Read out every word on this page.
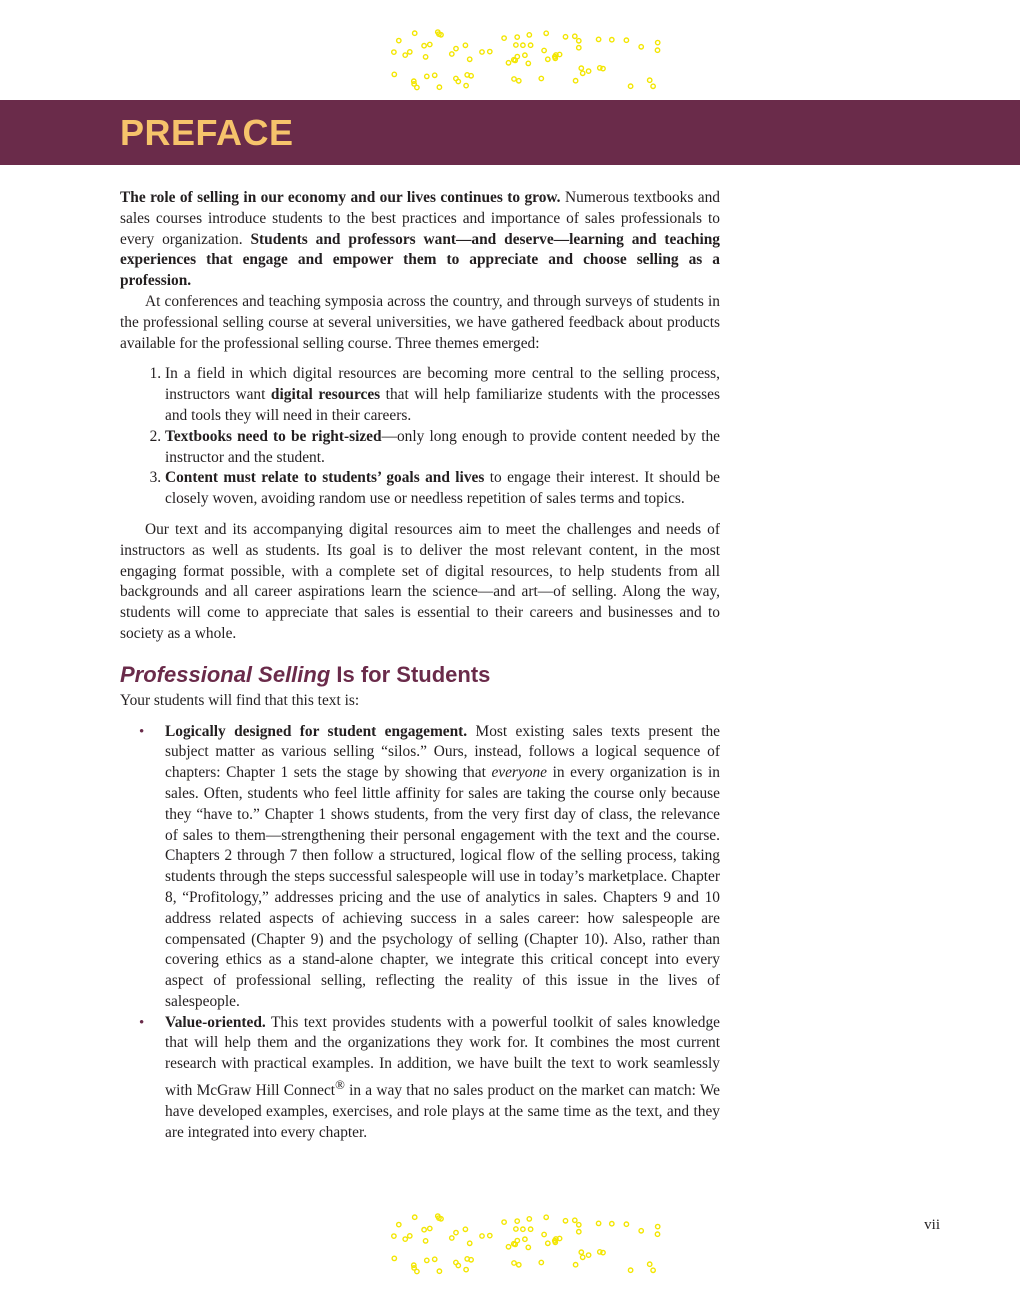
PREFACE

The role of selling in our economy and our lives continues to grow. Numerous textbooks and sales courses introduce students to the best practices and importance of sales professionals to every organization. Students and professors want—and deserve—learning and teaching experiences that engage and empower them to appreciate and choose selling as a profession.

At conferences and teaching symposia across the country, and through surveys of students in the professional selling course at several universities, we have gathered feedback about products available for the professional selling course. Three themes emerged:

1. In a field in which digital resources are becoming more central to the selling process, instructors want digital resources that will help familiarize students with the processes and tools they will need in their careers.
2. Textbooks need to be right-sized—only long enough to provide content needed by the instructor and the student.
3. Content must relate to students’ goals and lives to engage their interest. It should be closely woven, avoiding random use or needless repetition of sales terms and topics.

Our text and its accompanying digital resources aim to meet the challenges and needs of instructors as well as students. Its goal is to deliver the most relevant content, in the most engaging format possible, with a complete set of digital resources, to help students from all backgrounds and all career aspirations learn the science—and art—of selling. Along the way, students will come to appreciate that sales is essential to their careers and businesses and to society as a whole.

Professional Selling Is for Students

Your students will find that this text is:

• Logically designed for student engagement. Most existing sales texts present the subject matter as various selling “silos.” Ours, instead, follows a logical sequence of chapters: Chapter 1 sets the stage by showing that everyone in every organization is in sales. Often, students who feel little affinity for sales are taking the course only because they “have to.” Chapter 1 shows students, from the very first day of class, the relevance of sales to them—strengthening their personal engagement with the text and the course. Chapters 2 through 7 then follow a structured, logical flow of the selling process, taking students through the steps successful salespeople will use in today’s marketplace. Chapter 8, “Profitology,” addresses pricing and the use of analytics in sales. Chapters 9 and 10 address related aspects of achieving success in a sales career: how salespeople are compensated (Chapter 9) and the psychology of selling (Chapter 10). Also, rather than covering ethics as a stand-alone chapter, we integrate this critical concept into every aspect of professional selling, reflecting the reality of this issue in the lives of salespeople.
• Value-oriented. This text provides students with a powerful toolkit of sales knowledge that will help them and the organizations they work for. It combines the most current research with practical examples. In addition, we have built the text to work seamlessly with McGraw Hill Connect® in a way that no sales product on the market can match: We have developed examples, exercises, and role plays at the same time as the text, and they are integrated into every chapter.
vii
